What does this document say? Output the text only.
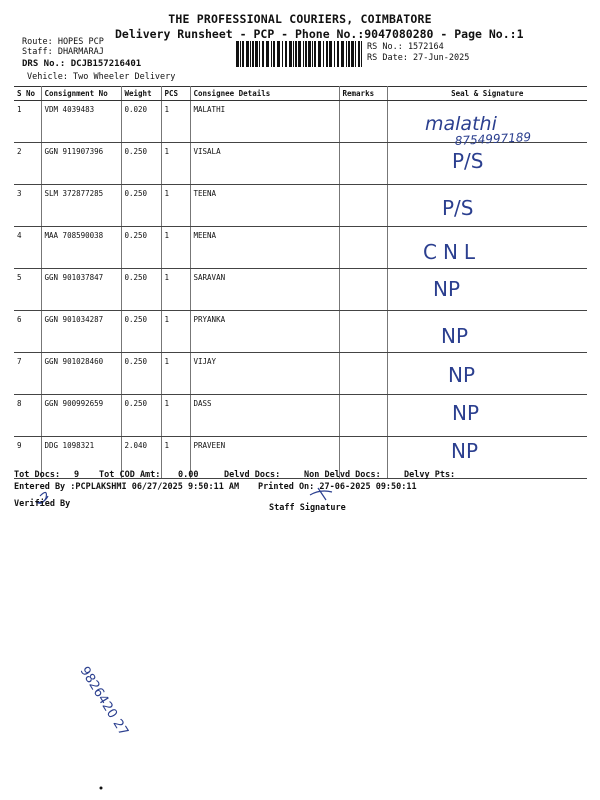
THE PROFESSIONAL COURIERS, COIMBATORE
Delivery Runsheet - PCP - Phone No.:9047080280 - Page No.:1
Route: HOPES PCP
Staff: DHARMARAJ
DRS No.: DCJB157216401
Vehicle: Two Wheeler Delivery
RS No.: 1572164
RS Date: 27-Jun-2025
S No	Consignment No	Weight	PCS	Consignee Details	Remarks	Seal & Signature
1	VDM 4039483	0.020	1	MALATHI		
2	GGN 911907396	0.250	1	VISALA		
3	SLM 372877285	0.250	1	TEENA		
4	MAA 708590038	0.250	1	MEENA		
5	GGN 901037847	0.250	1	SARAVAN		
6	GGN 901034287	0.250	1	PRYANKA		
7	GGN 901028460	0.250	1	VIJAY		
8	GGN 900992659	0.250	1	DASS		
9	DDG 1098321	2.040	1	PRAVEEN		
malathi
8754997189
P/S
P/S
CNL
NP
NP
NP
NP
NP
9826420 27
Tot Docs: 9 Tot COD Amt: 0.00	Delvd Docs:	Non Delvd Docs:	Delvy Pts:
Entered By :PCPLAKSHMI 06/27/2025 9:50:11 AM Printed On: 27-06-2025 09:50:11
Verified By	Staff Signature
